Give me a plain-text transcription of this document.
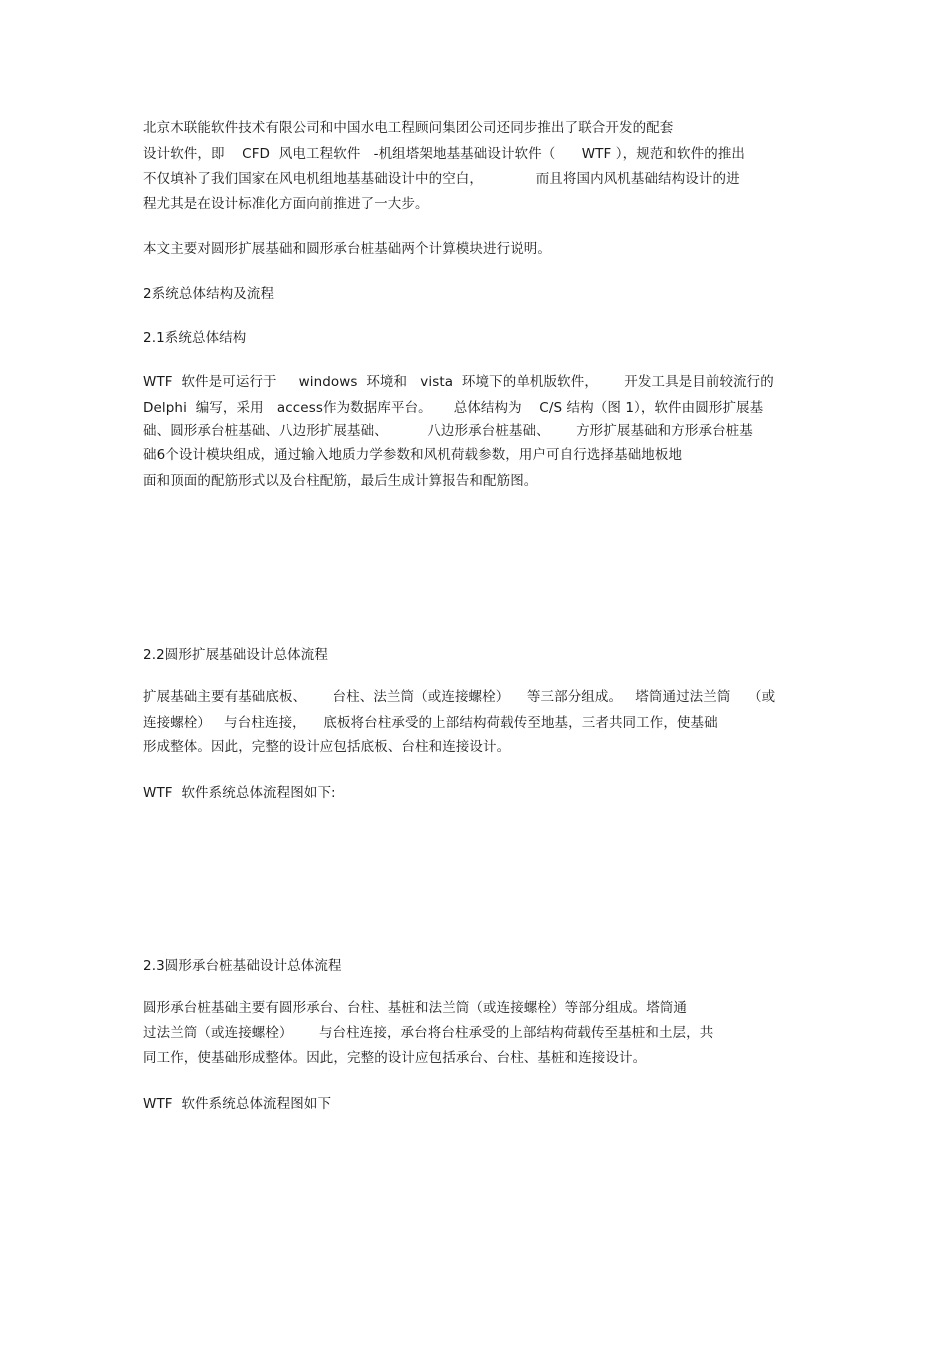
北京木联能软件技术有限公司和中国水电工程顾问集团公司还同步推出了联合开发的配套
设计软件，即    CFD  风电工程软件   -机组塔架地基基础设计软件（      WTF ），规范和软件的推出
不仅填补了我们国家在风电机组地基基础设计中的空白，            而且将国内风机基础结构设计的进
程尤其是在设计标准化方面向前推进了一大步。
本文主要对圆形扩展基础和圆形承台桩基础两个计算模块进行说明。
2系统总体结构及流程
2.1系统总体结构
WTF  软件是可运行于     windows  环境和   vista  环境下的单机版软件，      开发工具是目前较流行的
Delphi  编写，采用   access作为数据库平台。     总体结构为    C/S 结构（图 1），软件由圆形扩展基
础、圆形承台桩基础、八边形扩展基础、         八边形承台桩基础、      方形扩展基础和方形承台桩基
础6个设计模块组成，通过输入地质力学参数和风机荷载参数，用户可自行选择基础地板地
面和顶面的配筋形式以及台柱配筋，最后生成计算报告和配筋图。
2.2圆形扩展基础设计总体流程
扩展基础主要有基础底板、      台柱、法兰筒（或连接螺栓）    等三部分组成。   塔筒通过法兰筒    （或
连接螺栓）   与台柱连接，    底板将台柱承受的上部结构荷载传至地基，三者共同工作，使基础
形成整体。因此，完整的设计应包括底板、台柱和连接设计。
WTF  软件系统总体流程图如下:
2.3圆形承台桩基础设计总体流程
圆形承台桩基础主要有圆形承台、台柱、基桩和法兰筒（或连接螺栓）等部分组成。塔筒通
过法兰筒（或连接螺栓）      与台柱连接，承台将台柱承受的上部结构荷载传至基桩和土层，共
同工作，使基础形成整体。因此，完整的设计应包括承台、台柱、基桩和连接设计。
WTF  软件系统总体流程图如下
